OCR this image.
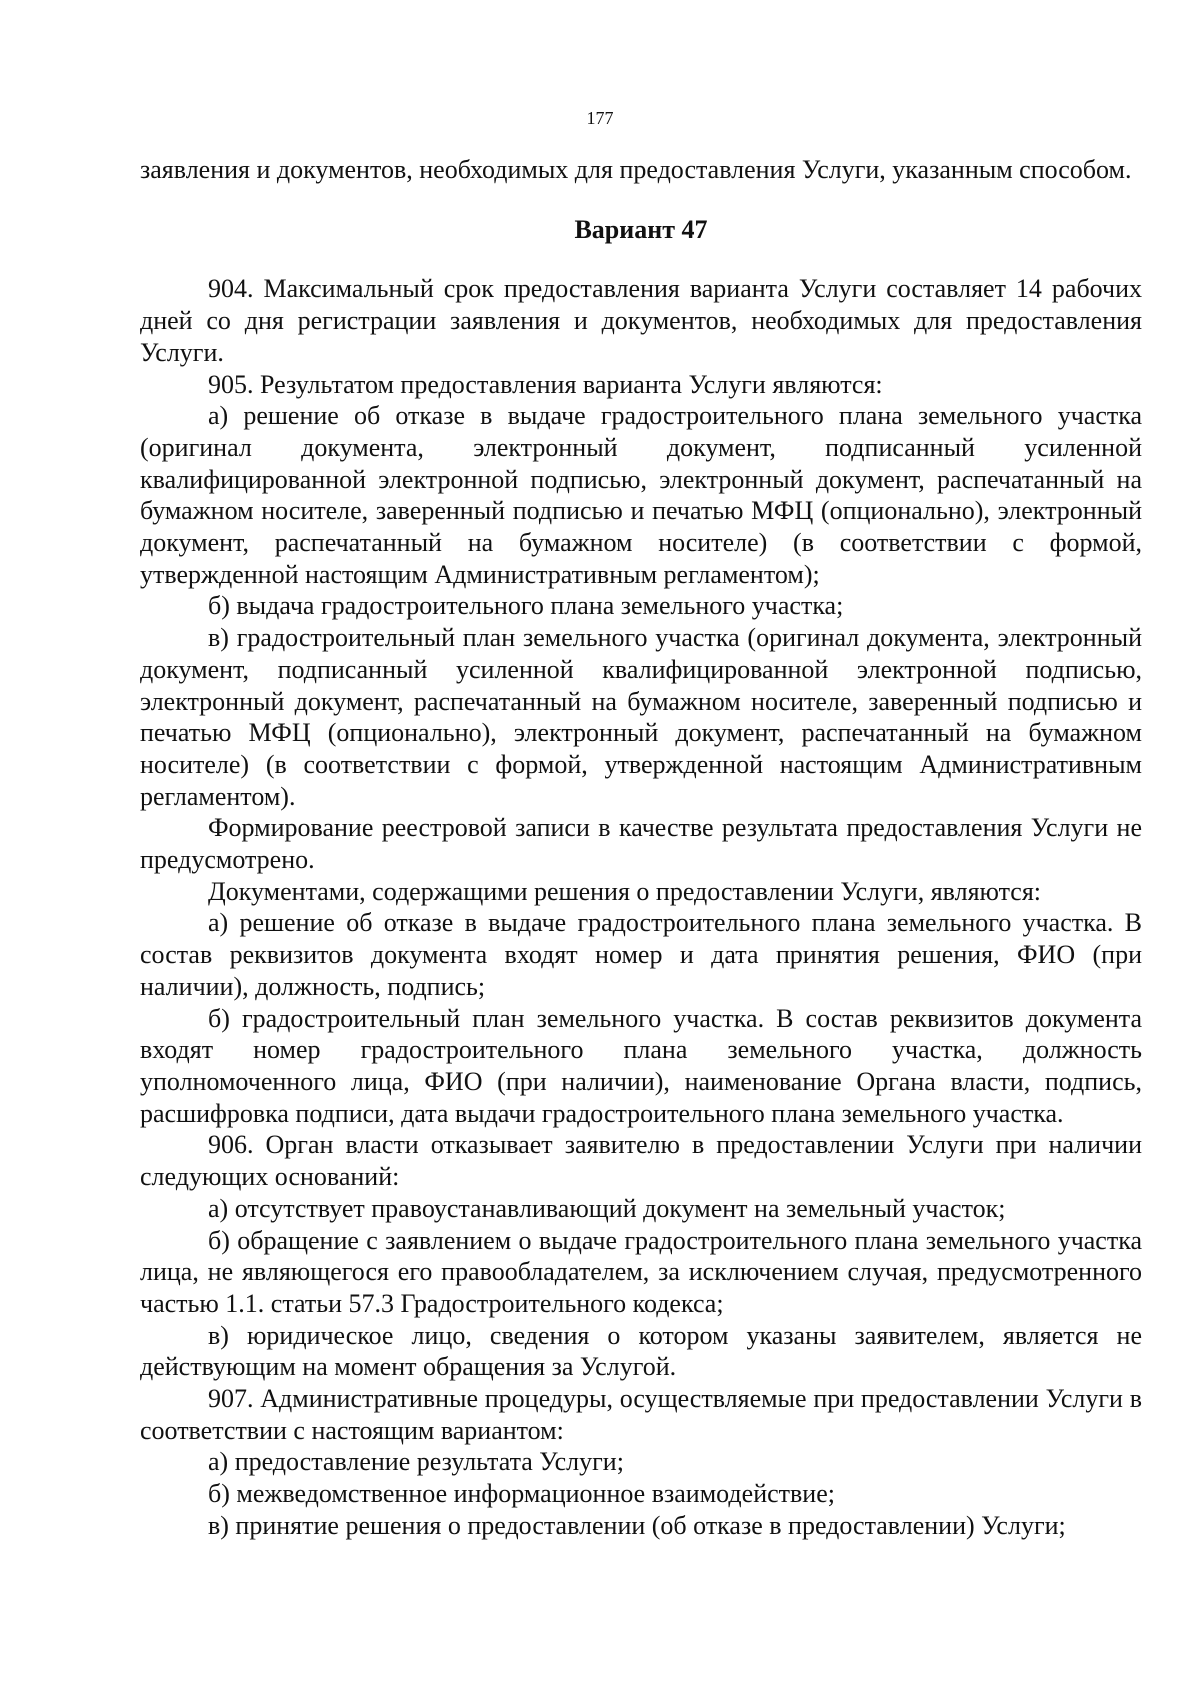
177

заявления и документов, необходимых для предоставления Услуги, указанным способом.

Вариант 47

904. Максимальный срок предоставления варианта Услуги составляет 14 рабочих дней со дня регистрации заявления и документов, необходимых для предоставления Услуги.

905. Результатом предоставления варианта Услуги являются:

а) решение об отказе в выдаче градостроительного плана земельного участка (оригинал документа, электронный документ, подписанный усиленной квалифицированной электронной подписью, электронный документ, распечатанный на бумажном носителе, заверенный подписью и печатью МФЦ (опционально), электронный документ, распечатанный на бумажном носителе) (в соответствии с формой, утвержденной настоящим Административным регламентом);

б) выдача градостроительного плана земельного участка;

в) градостроительный план земельного участка (оригинал документа, электронный документ, подписанный усиленной квалифицированной электронной подписью, электронный документ, распечатанный на бумажном носителе, заверенный подписью и печатью МФЦ (опционально), электронный документ, распечатанный на бумажном носителе) (в соответствии с формой, утвержденной настоящим Административным регламентом).

Формирование реестровой записи в качестве результата предоставления Услуги не предусмотрено.

Документами, содержащими решения о предоставлении Услуги, являются:

а) решение об отказе в выдаче градостроительного плана земельного участка. В состав реквизитов документа входят номер и дата принятия решения, ФИО (при наличии), должность, подпись;

б) градостроительный план земельного участка. В состав реквизитов документа входят номер градостроительного плана земельного участка, должность уполномоченного лица, ФИО (при наличии), наименование Органа власти, подпись, расшифровка подписи, дата выдачи градостроительного плана земельного участка.

906. Орган власти отказывает заявителю в предоставлении Услуги при наличии следующих оснований:

а) отсутствует правоустанавливающий документ на земельный участок;

б) обращение с заявлением о выдаче градостроительного плана земельного участка лица, не являющегося его правообладателем, за исключением случая, предусмотренного частью 1.1. статьи 57.3 Градостроительного кодекса;

в) юридическое лицо, сведения о котором указаны заявителем, является не действующим на момент обращения за Услугой.

907. Административные процедуры, осуществляемые при предоставлении Услуги в соответствии с настоящим вариантом:

а) предоставление результата Услуги;

б) межведомственное информационное взаимодействие;

в) принятие решения о предоставлении (об отказе в предоставлении) Услуги;
